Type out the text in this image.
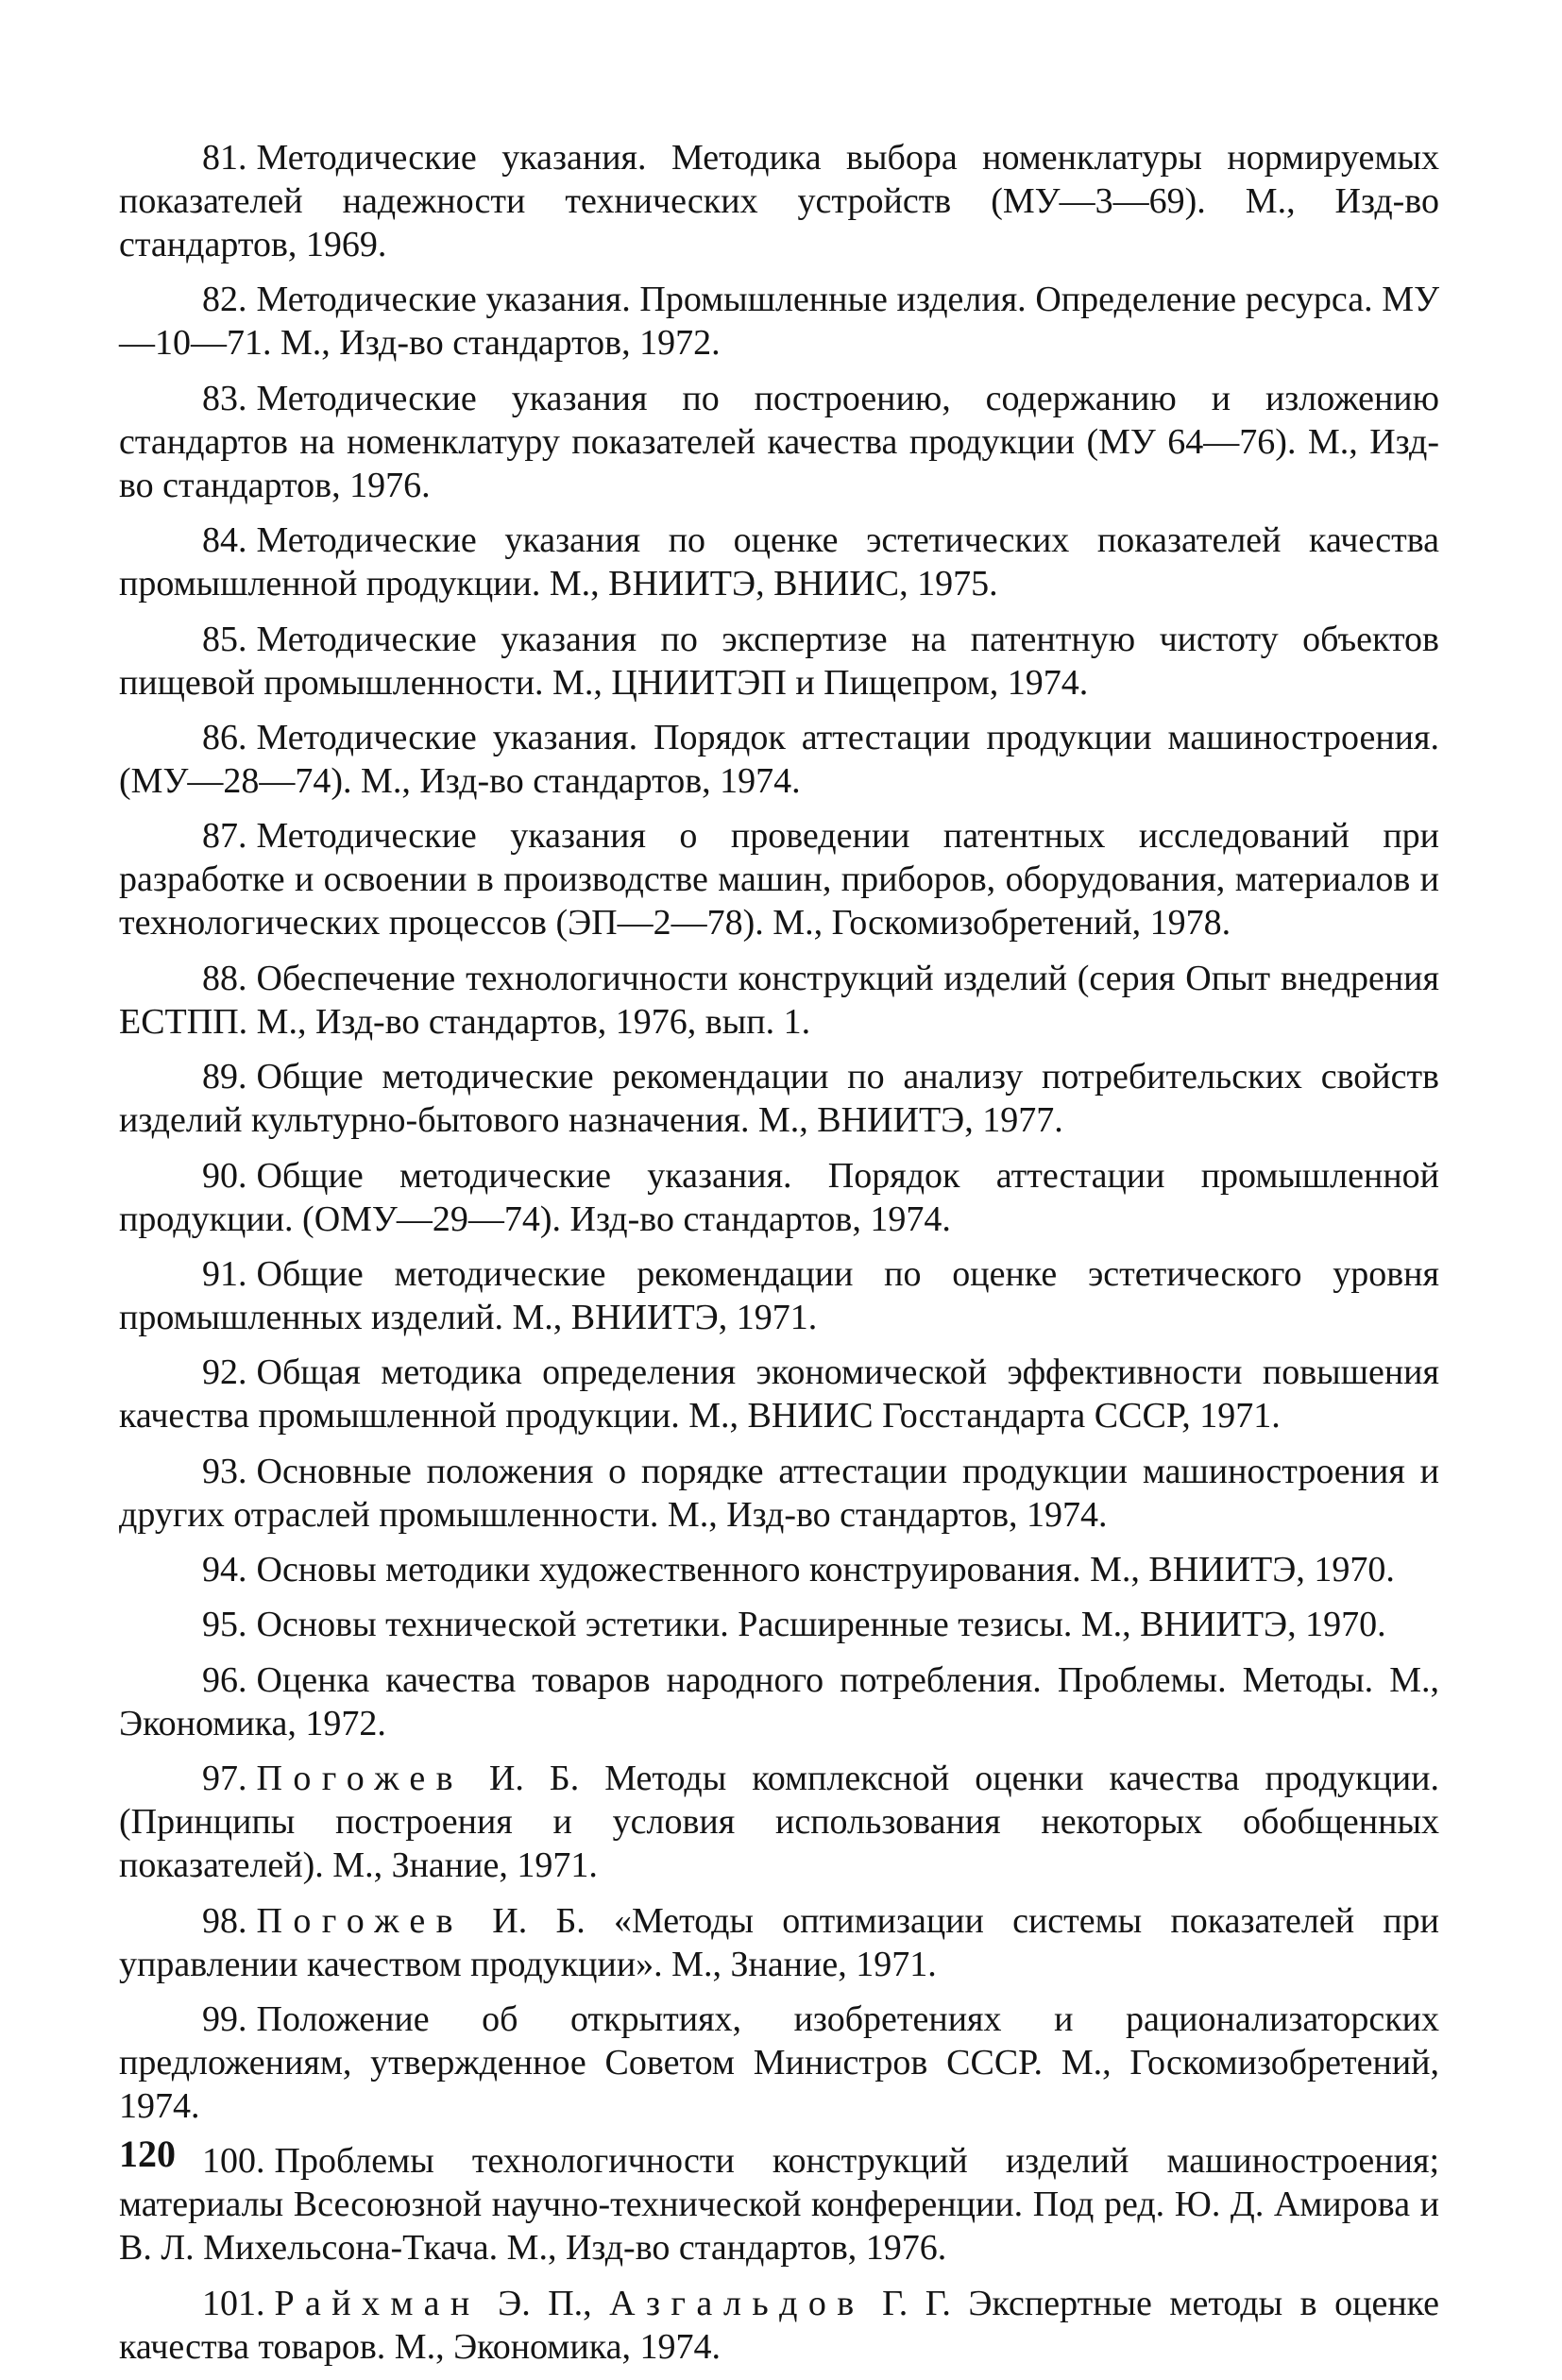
81. Методические указания. Методика выбора номенклатуры нормируемых показателей надежности технических устройств (МУ—3—69). М., Изд-во стандартов, 1969.

82. Методические указания. Промышленные изделия. Определение ресурса. МУ—10—71. М., Изд-во стандартов, 1972.

83. Методические указания по построению, содержанию и изложению стандартов на номенклатуру показателей качества продукции (МУ 64—76). М., Изд-во стандартов, 1976.

84. Методические указания по оценке эстетических показателей качества промышленной продукции. М., ВНИИТЭ, ВНИИС, 1975.

85. Методические указания по экспертизе на патентную чистоту объектов пищевой промышленности. М., ЦНИИТЭП и Пищепром, 1974.

86. Методические указания. Порядок аттестации продукции машиностроения. (МУ—28—74). М., Изд-во стандартов, 1974.

87. Методические указания о проведении патентных исследований при разработке и освоении в производстве машин, приборов, оборудования, материалов и технологических процессов (ЭП—2—78). М., Госкомизобретений, 1978.

88. Обеспечение технологичности конструкций изделий (серия Опыт внедрения ЕСТПП. М., Изд-во стандартов, 1976, вып. 1.

89. Общие методические рекомендации по анализу потребительских свойств изделий культурно-бытового назначения. М., ВНИИТЭ, 1977.

90. Общие методические указания. Порядок аттестации промышленной продукции. (ОМУ—29—74). Изд-во стандартов, 1974.

91. Общие методические рекомендации по оценке эстетического уровня промышленных изделий. М., ВНИИТЭ, 1971.

92. Общая методика определения экономической эффективности повышения качества промышленной продукции. М., ВНИИС Госстандарта СССР, 1971.

93. Основные положения о порядке аттестации продукции машиностроения и других отраслей промышленности. М., Изд-во стандартов, 1974.

94. Основы методики художественного конструирования. М., ВНИИТЭ, 1970.

95. Основы технической эстетики. Расширенные тезисы. М., ВНИИТЭ, 1970.

96. Оценка качества товаров народного потребления. Проблемы. Методы. М., Экономика, 1972.

97. Погожев И. Б. Методы комплексной оценки качества продукции. (Принципы построения и условия использования некоторых обобщенных показателей). М., Знание, 1971.

98. Погожев И. Б. «Методы оптимизации системы показателей при управлении качеством продукции». М., Знание, 1971.

99. Положение об открытиях, изобретениях и рационализаторских предложениям, утвержденное Советом Министров СССР. М., Госкомизобретений, 1974.

100. Проблемы технологичности конструкций изделий машиностроения; материалы Всесоюзной научно-технической конференции. Под ред. Ю. Д. Амирова и В. Л. Михельсона-Ткача. М., Изд-во стандартов, 1976.

101. Райхман Э. П., Азгальдов Г. Г. Экспертные методы в оценке качества товаров. М., Экономика, 1974.

120
